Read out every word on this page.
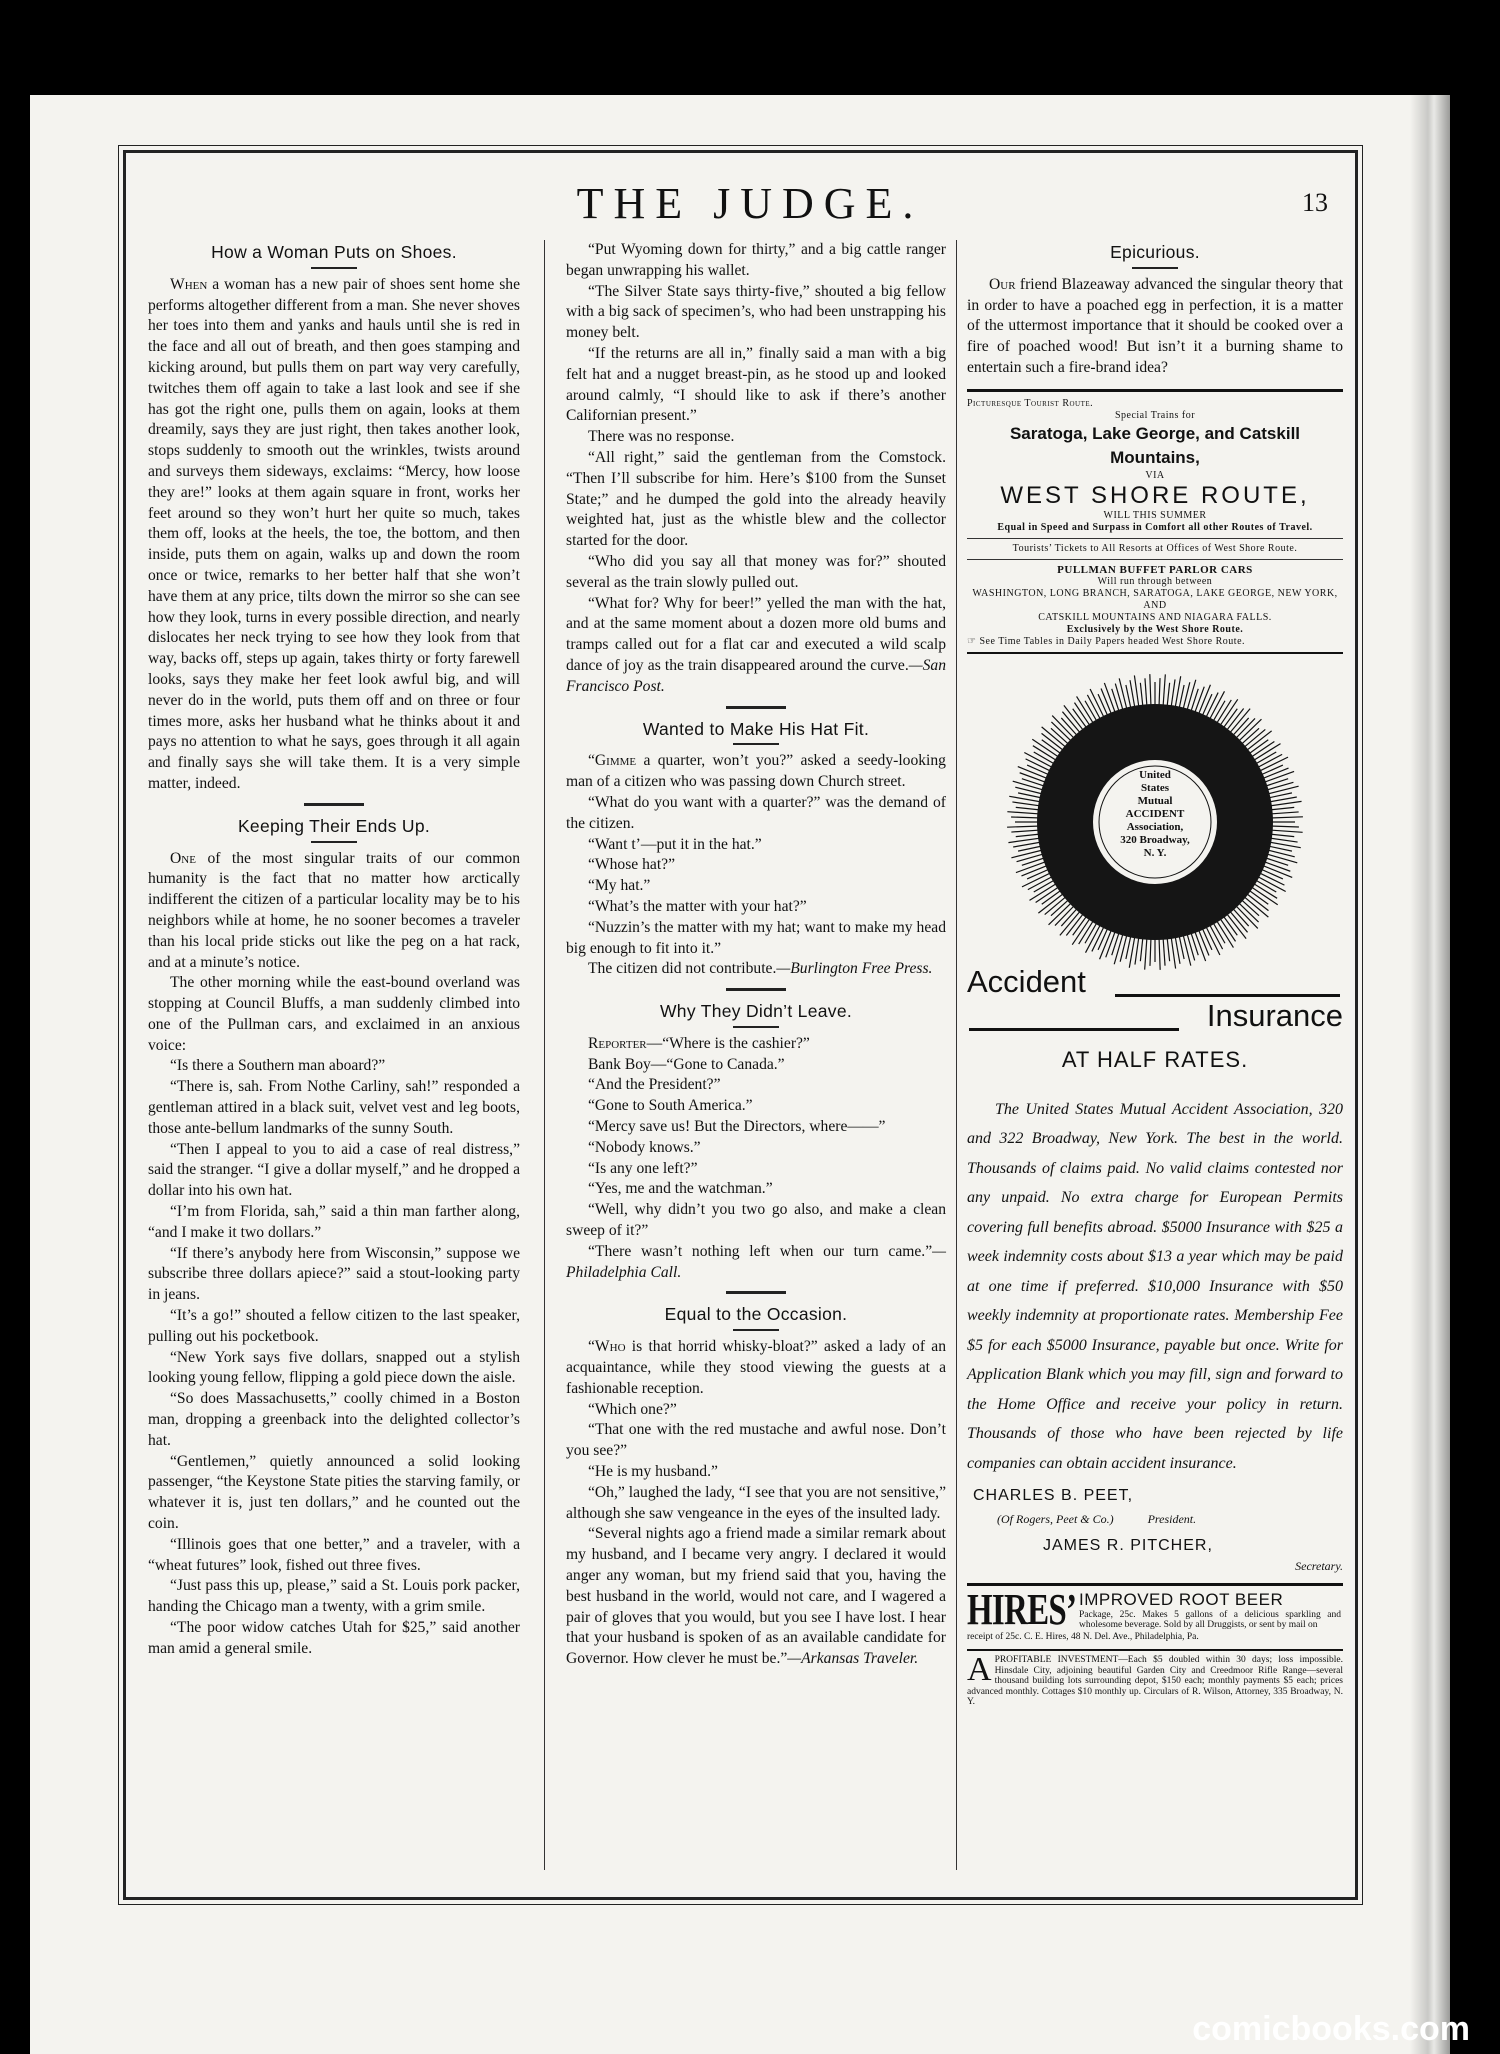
THE JUDGE.	13
How a Woman Puts on Shoes.

When a woman has a new pair of shoes sent home she performs altogether different from a man. She never shoves her toes into them and yanks and hauls until she is red in the face and all out of breath, and then goes stamping and kicking around, but pulls them on part way very carefully, twitches them off again to take a last look and see if she has got the right one, pulls them on again, looks at them dreamily, says they are just right, then takes another look, stops suddenly to smooth out the wrinkles, twists around and surveys them sideways, exclaims: “Mercy, how loose they are!” looks at them again square in front, works her feet around so they won’t hurt her quite so much, takes them off, looks at the heels, the toe, the bottom, and then inside, puts them on again, walks up and down the room once or twice, remarks to her better half that she won’t have them at any price, tilts down the mirror so she can see how they look, turns in every possible direction, and nearly dislocates her neck trying to see how they look from that way, backs off, steps up again, takes thirty or forty farewell looks, says they make her feet look awful big, and will never do in the world, puts them off and on three or four times more, asks her husband what he thinks about it and pays no attention to what he says, goes through it all again and finally says she will take them. It is a very simple matter, indeed.

Keeping Their Ends Up.

One of the most singular traits of our common humanity is the fact that no matter how arctically indifferent the citizen of a particular locality may be to his neighbors while at home, he no sooner becomes a traveler than his local pride sticks out like the peg on a hat rack, and at a minute’s notice.

The other morning while the east-bound overland was stopping at Council Bluffs, a man suddenly climbed into one of the Pullman cars, and exclaimed in an anxious voice:

“Is there a Southern man aboard?”

“There is, sah. From Nothe Carliny, sah!” responded a gentleman attired in a black suit, velvet vest and leg boots, those ante-bellum landmarks of the sunny South.

“Then I appeal to you to aid a case of real distress,” said the stranger. “I give a dollar myself,” and he dropped a dollar into his own hat.

“I’m from Florida, sah,” said a thin man farther along, “and I make it two dollars.”

“If there’s anybody here from Wisconsin,” suppose we subscribe three dollars apiece?” said a stout-looking party in jeans.

“It’s a go!” shouted a fellow citizen to the last speaker, pulling out his pocketbook.

“New York says five dollars, snapped out a stylish looking young fellow, flipping a gold piece down the aisle.

“So does Massachusetts,” coolly chimed in a Boston man, dropping a greenback into the delighted collector’s hat.

“Gentlemen,” quietly announced a solid looking passenger, “the Keystone State pities the starving family, or whatever it is, just ten dollars,” and he counted out the coin.

“Illinois goes that one better,” and a traveler, with a “wheat futures” look, fished out three fives.

“Just pass this up, please,” said a St. Louis pork packer, handing the Chicago man a twenty, with a grim smile.

“The poor widow catches Utah for $25,” said another man amid a general smile.

“Put Wyoming down for thirty,” and a big cattle ranger began unwrapping his wallet.

“The Silver State says thirty-five,” shouted a big fellow with a big sack of specimen’s, who had been unstrapping his money belt.

“If the returns are all in,” finally said a man with a big felt hat and a nugget breast-pin, as he stood up and looked around calmly, “I should like to ask if there’s another Californian present.”

There was no response.

“All right,” said the gentleman from the Comstock. “Then I’ll subscribe for him. Here’s $100 from the Sunset State;” and he dumped the gold into the already heavily weighted hat, just as the whistle blew and the collector started for the door.

“Who did you say all that money was for?” shouted several as the train slowly pulled out.

“What for? Why for beer!” yelled the man with the hat, and at the same moment about a dozen more old bums and tramps called out for a flat car and executed a wild scalp dance of joy as the train disappeared around the curve.—San Francisco Post.

Wanted to Make His Hat Fit.

“Gimme a quarter, won’t you?” asked a seedy-looking man of a citizen who was passing down Church street.

“What do you want with a quarter?” was the demand of the citizen.

“Want t’—put it in the hat.”

“Whose hat?”

“My hat.”

“What’s the matter with your hat?”

“Nuzzin’s the matter with my hat; want to make my head big enough to fit into it.”

The citizen did not contribute.—Burlington Free Press.

Why They Didn’t Leave.

Reporter—“Where is the cashier?”

Bank Boy—“Gone to Canada.”

“And the President?”

“Gone to South America.”

“Mercy save us! But the Directors, where——”

“Nobody knows.”

“Is any one left?”

“Yes, me and the watchman.”

“Well, why didn’t you two go also, and make a clean sweep of it?”

“There wasn’t nothing left when our turn came.”—Philadelphia Call.

Equal to the Occasion.

“Who is that horrid whisky-bloat?” asked a lady of an acquaintance, while they stood viewing the guests at a fashionable reception.

“Which one?”

“That one with the red mustache and awful nose. Don’t you see?”

“He is my husband.”

“Oh,” laughed the lady, “I see that you are not sensitive,” although she saw vengeance in the eyes of the insulted lady.

“Several nights ago a friend made a similar remark about my husband, and I became very angry. I declared it would anger any woman, but my friend said that you, having the best husband in the world, would not care, and I wagered a pair of gloves that you would, but you see I have lost. I hear that your husband is spoken of as an available candidate for Governor. How clever he must be.”—Arkansas Traveler.

Epicurious.

Our friend Blazeaway advanced the singular theory that in order to have a poached egg in perfection, it is a matter of the uttermost importance that it should be cooked over a fire of poached wood! But isn’t it a burning shame to entertain such a fire-brand idea?

Picturesque Tourist Route.
Special Trains for
Saratoga, Lake George, and Catskill Mountains,
VIA
WEST SHORE ROUTE,
WILL THIS SUMMER
Equal in Speed and Surpass in Comfort all other Routes of Travel.
Tourists’ Tickets to All Resorts at Offices of West Shore Route.
PULLMAN BUFFET PARLOR CARS
Will run through between
WASHINGTON, LONG BRANCH, SARATOGA, LAKE GEORGE, NEW YORK,
AND
CATSKILL MOUNTAINS AND NIAGARA FALLS.
Exclusively by the West Shore Route.
☞ See Time Tables in Daily Papers headed West Shore Route.
United
States
Mutual
ACCIDENT
Association,
320 Broadway,
N. Y.
Accident
Insurance
AT HALF RATES.

The United States Mutual Accident Association, 320 and 322 Broadway, New York. The best in the world. Thousands of claims paid. No valid claims contested nor any unpaid. No extra charge for European Permits covering full benefits abroad. $5000 Insurance with $25 a week indemnity costs about $13 a year which may be paid at one time if preferred. $10,000 Insurance with $50 weekly indemnity at proportionate rates. Membership Fee $5 for each $5000 Insurance, payable but once. Write for Application Blank which you may fill, sign and forward to the Home Office and receive your policy in return. Thousands of those who have been rejected by life companies can obtain accident insurance.

CHARLES B. PEET,
(Of Rogers, Peet & Co.)	President.
JAMES R. PITCHER,
Secretary.
HIRES’ IMPROVED ROOT BEER
Package, 25c. Makes 5 gallons of a delicious sparkling and wholesome beverage. Sold by all Druggists, or sent by mail on
receipt of 25c. C. E. Hires, 48 N. Del. Ave., Philadelphia, Pa.
A PROFITABLE INVESTMENT—Each $5 doubled within 30 days; loss impossible. Hinsdale City, adjoining beautiful Garden City and Creedmoor Rifle Range—several thousand building lots surrounding depot, $150 each; monthly payments $5 each; prices advanced monthly. Cottages $10 monthly up. Circulars of R. Wilson, Attorney, 335 Broadway, N. Y.
comicbooks.com
